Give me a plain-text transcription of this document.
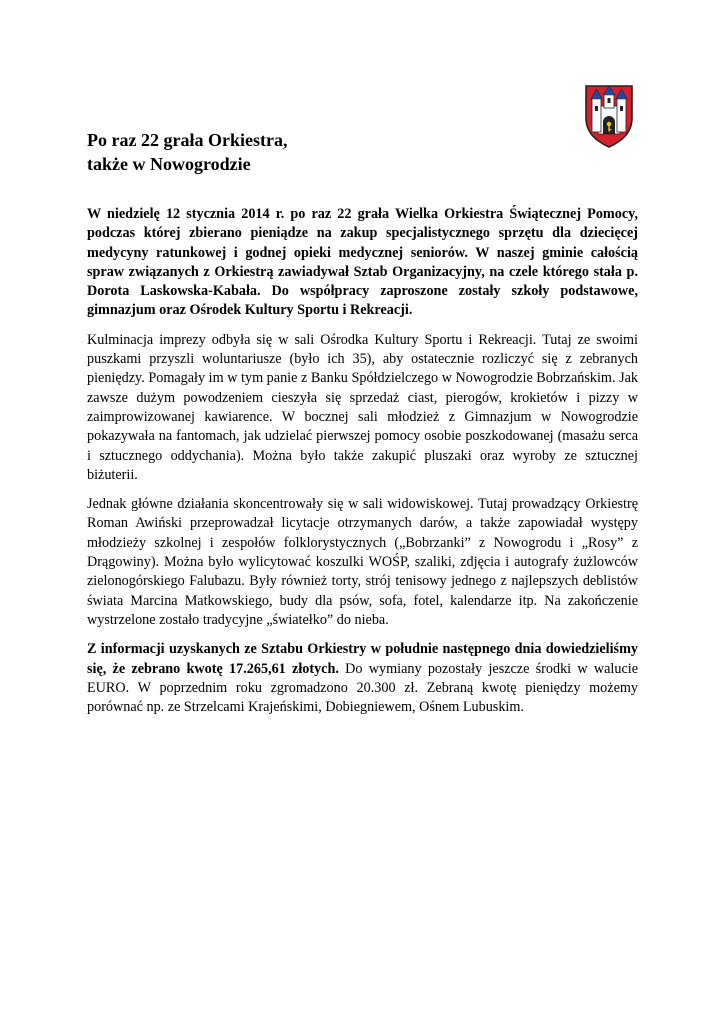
Po raz 22 grała Orkiestra,
także w Nowogrodzie

W niedzielę 12 stycznia 2014 r. po raz 22 grała Wielka Orkiestra Świątecznej Pomocy, podczas której zbierano pieniądze na zakup specjalistycznego sprzętu dla dziecięcej medycyny ratunkowej i godnej opieki medycznej seniorów. W naszej gminie całością spraw związanych z Orkiestrą zawiadywał Sztab Organizacyjny, na czele którego stała p. Dorota Laskowska-Kabała. Do współpracy zaproszone zostały szkoły podstawowe, gimnazjum oraz Ośrodek Kultury Sportu i Rekreacji.

Kulminacja imprezy odbyła się w sali Ośrodka Kultury Sportu i Rekreacji. Tutaj ze swoimi puszkami przyszli woluntariusze (było ich 35), aby ostatecznie rozliczyć się z zebranych pieniędzy. Pomagały im w tym panie z Banku Spółdzielczego w Nowogrodzie Bobrzańskim. Jak zawsze dużym powodzeniem cieszyła się sprzedaż ciast, pierogów, krokietów i pizzy w zaimprowizowanej kawiarence. W bocznej sali młodzież z Gimnazjum w Nowogrodzie pokazywała na fantomach, jak udzielać pierwszej pomocy osobie poszkodowanej (masażu serca i sztucznego oddychania). Można było także zakupić pluszaki oraz wyroby ze sztucznej biżuterii.

Jednak główne działania skoncentrowały się w sali widowiskowej. Tutaj prowadzący Orkiestrę Roman Awiński przeprowadzał licytacje otrzymanych darów, a także zapowiadał występy młodzieży szkolnej i zespołów folklorystycznych („Bobrzanki” z Nowogrodu i „Rosy” z Drągowiny). Można było wylicytować koszulki WOŚP, szaliki, zdjęcia i autografy żużlowców zielonogórskiego Falubazu. Były również torty, strój tenisowy jednego z najlepszych deblistów świata Marcina Matkowskiego, budy dla psów, sofa, fotel, kalendarze itp. Na zakończenie wystrzelone zostało tradycyjne „światełko” do nieba.

Z informacji uzyskanych ze Sztabu Orkiestry w południe następnego dnia dowiedzieliśmy się, że zebrano kwotę 17.265,61 złotych. Do wymiany pozostały jeszcze środki w walucie EURO. W poprzednim roku zgromadzono 20.300 zł. Zebraną kwotę pieniędzy możemy porównać np. ze Strzelcami Krajeńskimi, Dobiegniewem, Ośnem Lubuskim.
